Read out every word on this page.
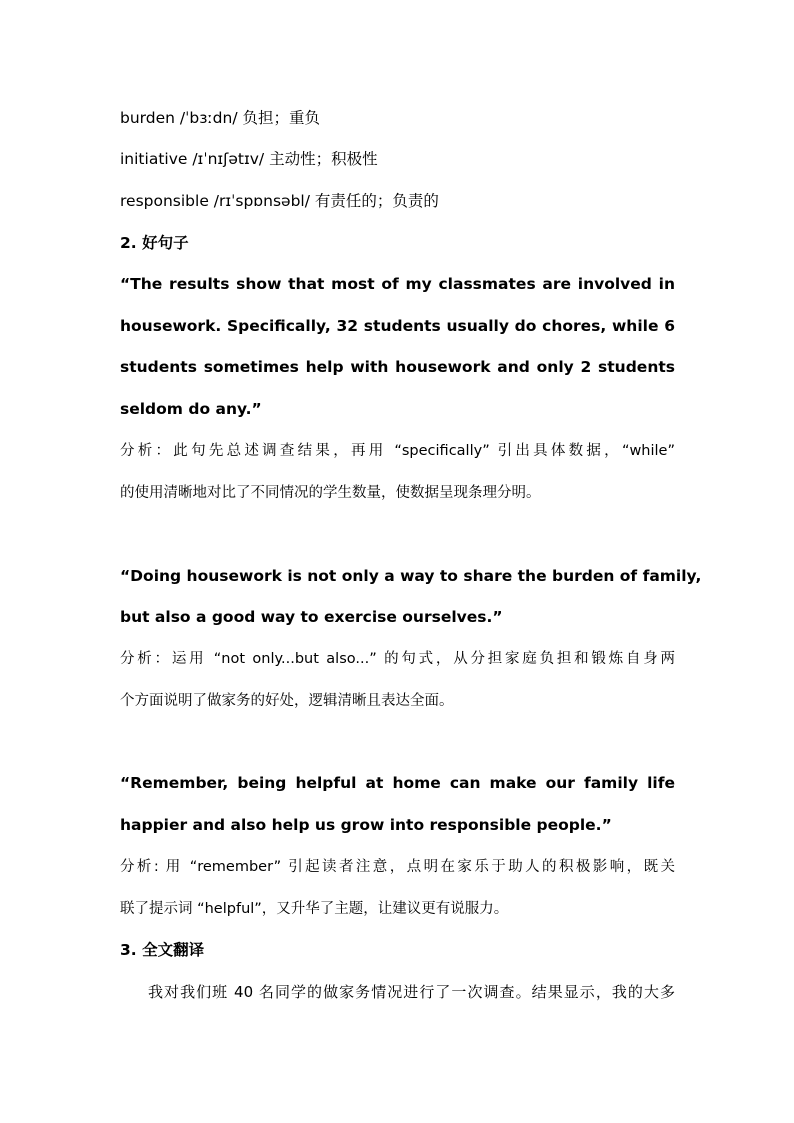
burden /ˈbɜːdn/ 负担；重负
initiative /ɪˈnɪʃətɪv/ 主动性；积极性
responsible /rɪˈspɒnsəbl/ 有责任的；负责的
2. 好句子
“The results show that most of my classmates are involved in
housework. Specifically, 32 students usually do chores, while 6
students sometimes help with housework and only 2 students
seldom do any.”
分析：此句先总述调查结果，再用 “specifically” 引出具体数据，“while”
的使用清晰地对比了不同情况的学生数量，使数据呈现条理分明。
“Doing housework is not only a way to share the burden of family,
but also a good way to exercise ourselves.”
分析：运用 “not only...but also...” 的句式，从分担家庭负担和锻炼自身两
个方面说明了做家务的好处，逻辑清晰且表达全面。
“Remember, being helpful at home can make our family life
happier and also help us grow into responsible people.”
分析: 用 “remember” 引起读者注意，点明在家乐于助人的积极影响，既关
联了提示词 “helpful”，又升华了主题，让建议更有说服力。
3. 全文翻译
我对我们班 40 名同学的做家务情况进行了一次调查。结果显示，我的大多
